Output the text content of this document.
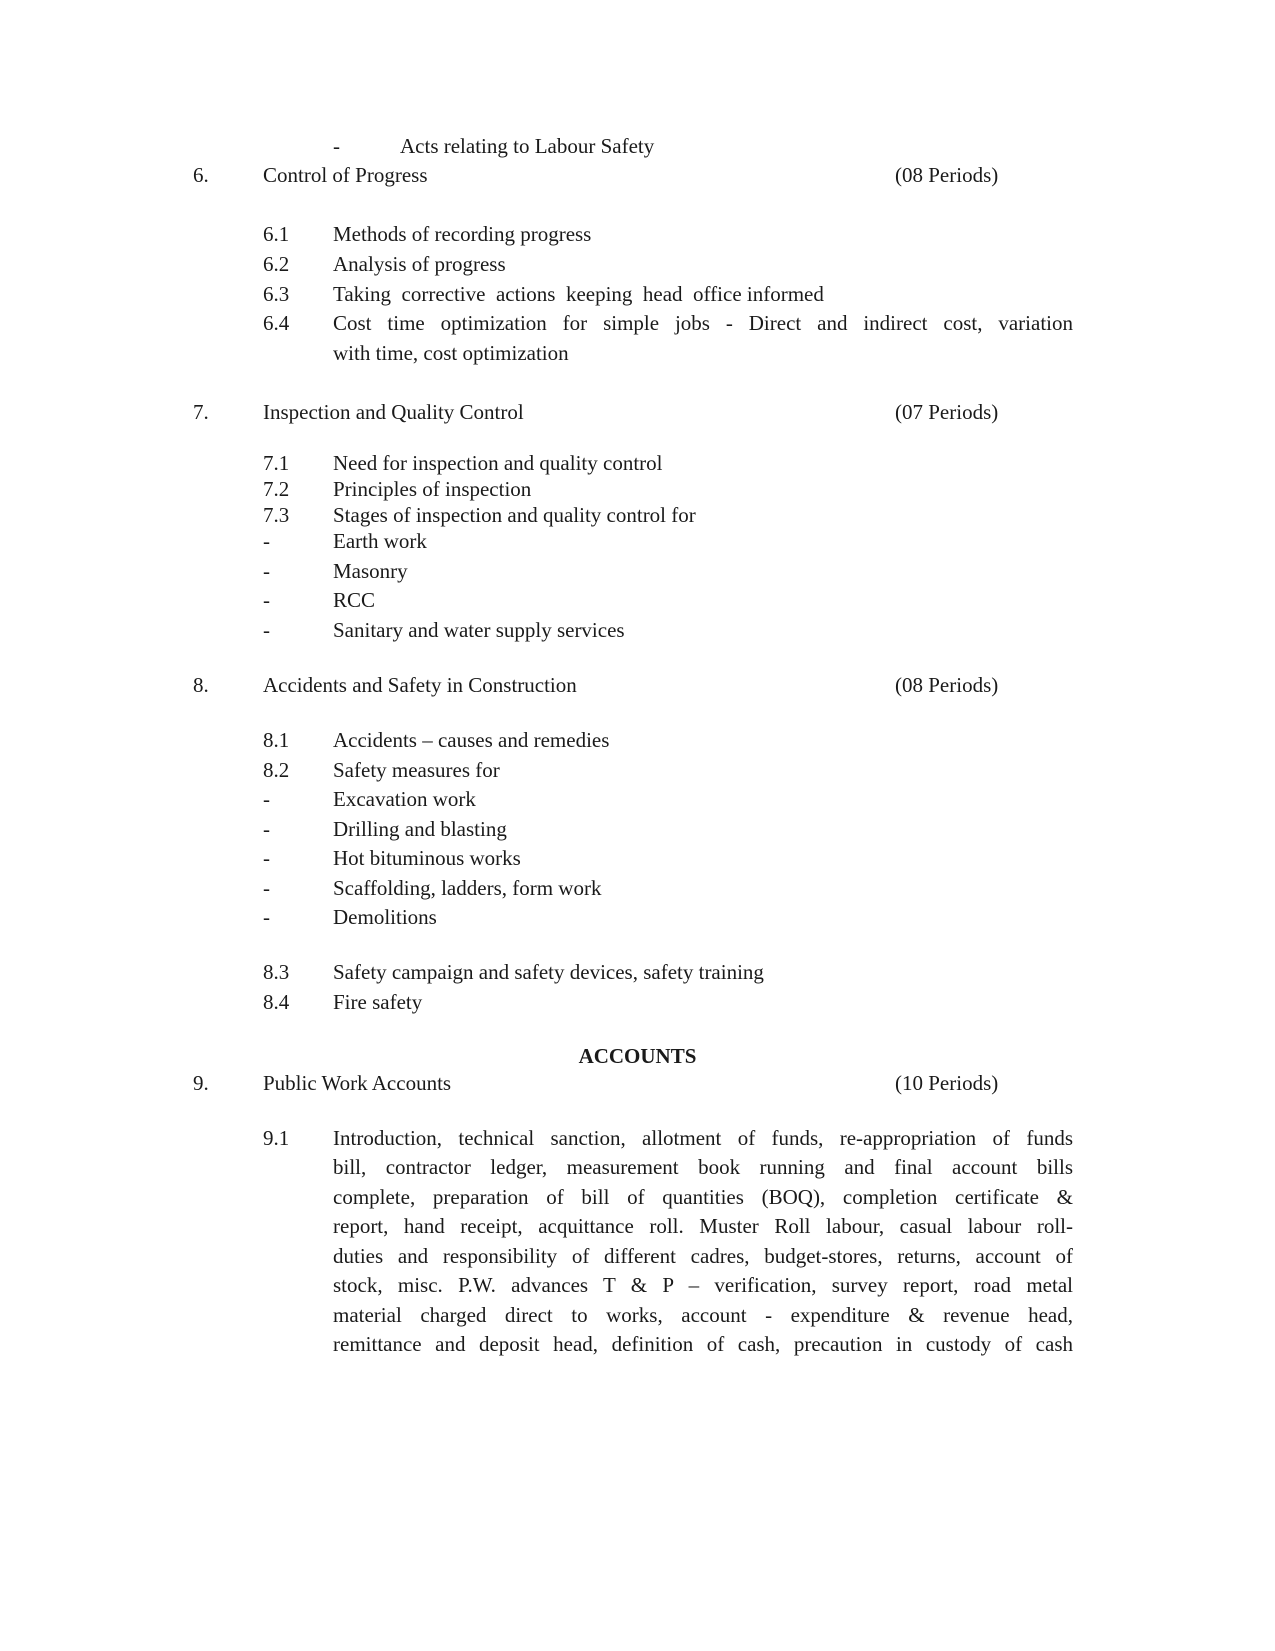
-	Acts relating to Labour Safety
6.	Control of Progress	(08 Periods)
6.1 Methods of recording progress
6.2 Analysis of progress
6.3 Taking  corrective  actions  keeping  head  office informed
6.4 Cost time optimization for simple jobs - Direct and indirect cost, variation
with time, cost optimization
7.	Inspection and Quality Control	(07 Periods)
7.1 Need for inspection and quality control
7.2 Principles of inspection
7.3 Stages of inspection and quality control for
-	Earth work
-	Masonry
-	RCC
-	Sanitary and water supply services
8.	Accidents and Safety in Construction	(08 Periods)
8.1 Accidents – causes and remedies
8.2 Safety measures for
-	Excavation work
-	Drilling and blasting
-	Hot bituminous works
-	Scaffolding, ladders, form work
-	Demolitions
8.3 Safety campaign and safety devices, safety training
8.4 Fire safety
ACCOUNTS
9.	Public Work Accounts	(10 Periods)
9.1 Introduction, technical sanction, allotment of funds, re-appropriation of funds
bill, contractor ledger, measurement book running and final account bills
complete, preparation of bill of quantities (BOQ), completion certificate &
report, hand receipt, acquittance roll. Muster Roll labour, casual labour roll-
duties and responsibility of different cadres, budget-stores, returns, account of
stock, misc. P.W. advances T & P – verification, survey report, road metal
material charged direct to works, account - expenditure & revenue head,
remittance and deposit head, definition of cash, precaution in custody of cash
